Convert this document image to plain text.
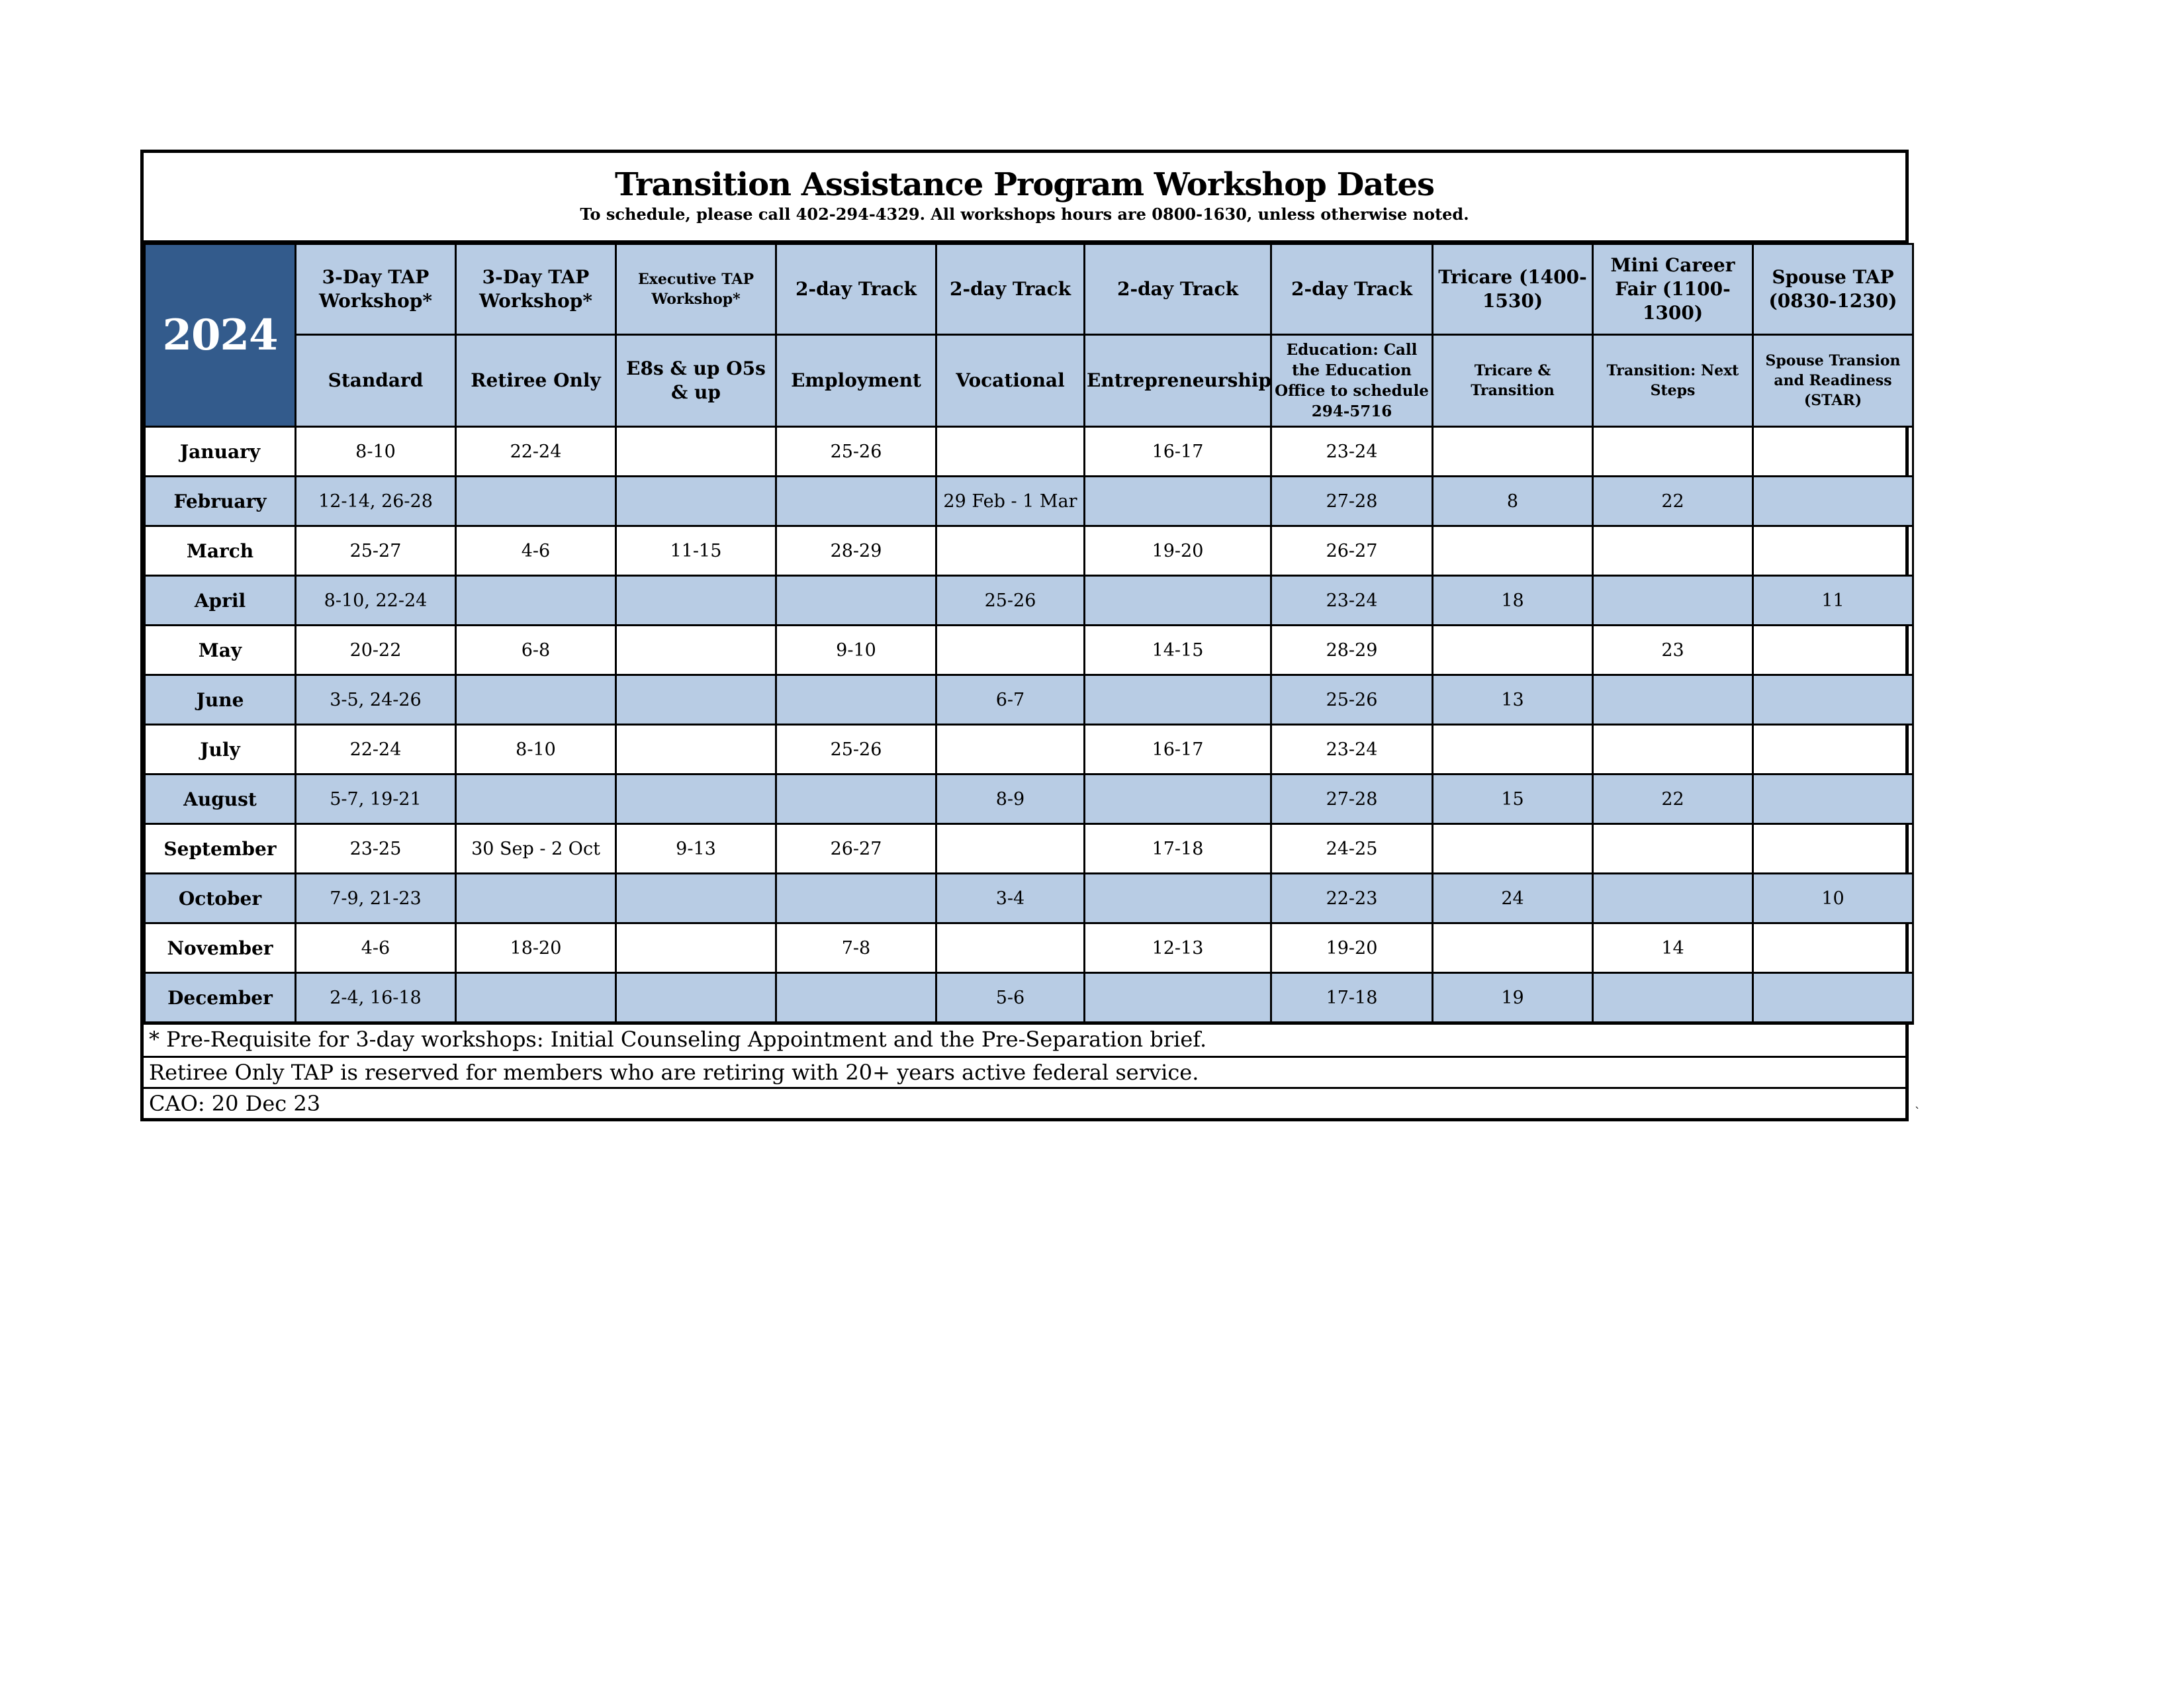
Transition Assistance Program Workshop Dates
To schedule, please call 402-294-4329. All workshops hours are 0800-1630, unless otherwise noted.
2024	3-Day TAP Workshop*	3-Day TAP Workshop*	Executive TAP Workshop*	2-day Track	2-day Track	2-day Track	2-day Track	Tricare (1400-1530)	Mini Career Fair (1100-1300)	Spouse TAP (0830-1230)
	Standard	Retiree Only	E8s & up O5s & up	Employment	Vocational	Entrepreneurship	Education: Call the Education Office to schedule 294-5716	Tricare & Transition	Transition: Next Steps	Spouse Transion and Readiness (STAR)
January	8-10	22-24		25-26		16-17	23-24			
February	12-14, 26-28				29 Feb - 1 Mar		27-28	8	22	
March	25-27	4-6	11-15	28-29		19-20	26-27			
April	8-10, 22-24				25-26		23-24	18		11
May	20-22	6-8		9-10		14-15	28-29		23	
June	3-5, 24-26				6-7		25-26	13		
July	22-24	8-10		25-26		16-17	23-24			
August	5-7, 19-21				8-9		27-28	15	22	
September	23-25	30 Sep - 2 Oct	9-13	26-27		17-18	24-25			
October	7-9, 21-23				3-4		22-23	24		10
November	4-6	18-20		7-8		12-13	19-20		14	
December	2-4, 16-18				5-6		17-18	19		
* Pre-Requisite for 3-day workshops: Initial Counseling Appointment and the Pre-Separation brief.
Retiree Only TAP is reserved for members who are retiring with 20+ years active federal service.
CAO: 20 Dec 23	`
